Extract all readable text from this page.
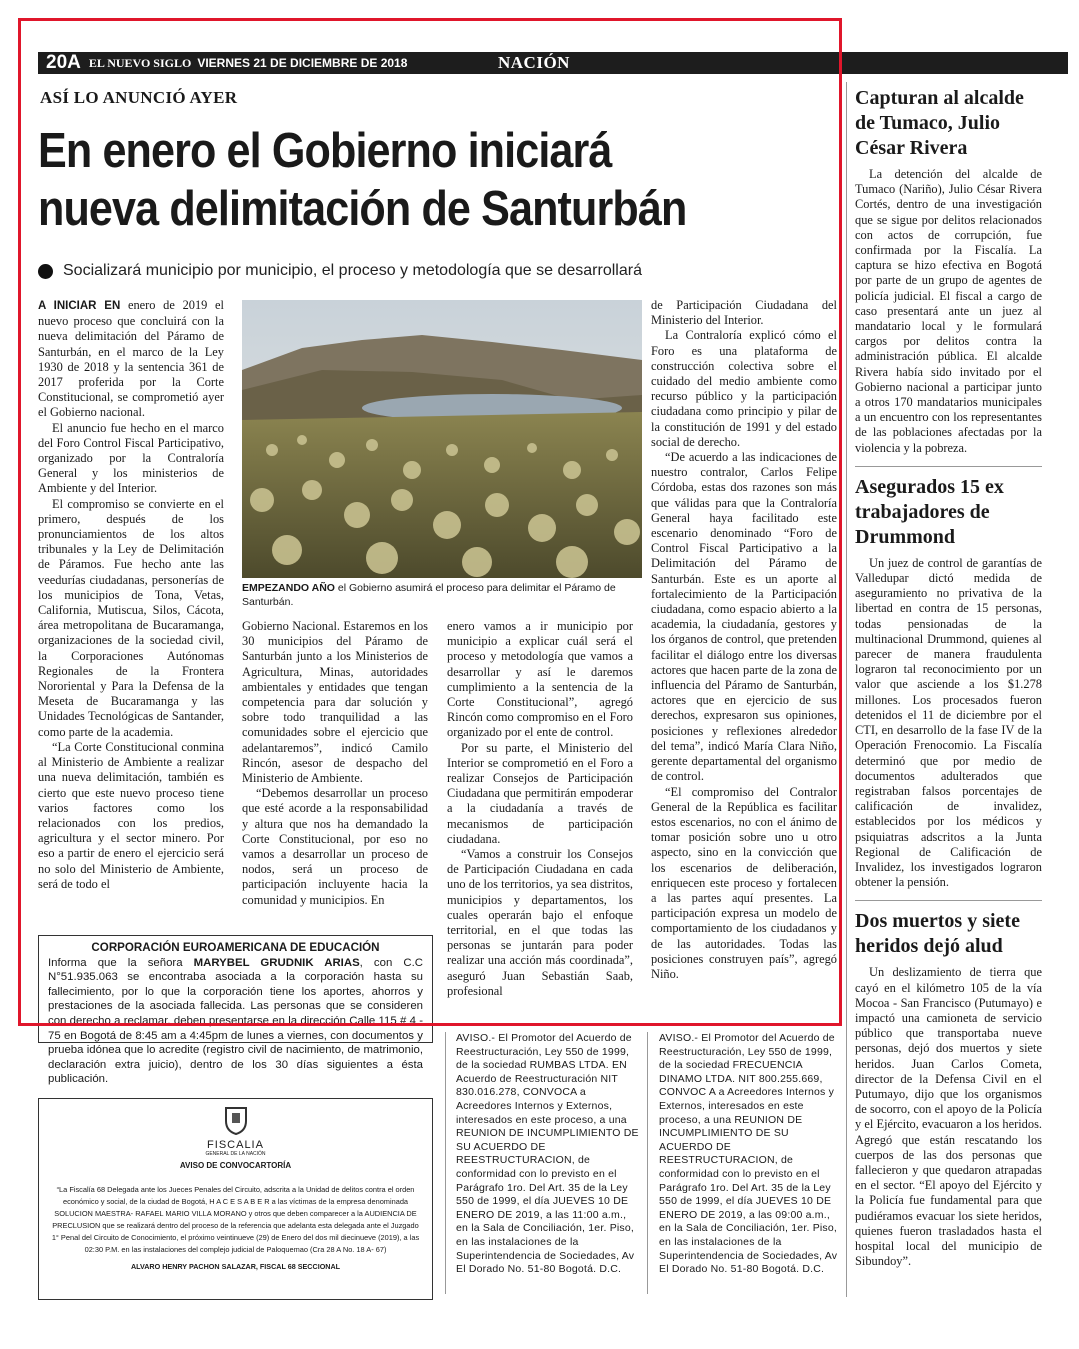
20A EL NUEVO SIGLO VIERNES 21 DE DICIEMBRE DE 2018	NACIÓN
ASÍ LO ANUNCIÓ AYER
En enero el Gobierno iniciará
nueva delimitación de Santurbán
Socializará municipio por municipio, el proceso y metodología que se desarrollará

A INICIAR EN enero de 2019 el nuevo proceso que concluirá con la nueva delimitación del Páramo de Santurbán, en el marco de la Ley 1930 de 2018 y la sentencia 361 de 2017 proferida por la Corte Constitucional, se comprometió ayer el Gobierno nacional.

El anuncio fue hecho en el marco del Foro Control Fiscal Participativo, organizado por la Contraloría General y los ministerios de Ambiente y del Interior.

El compromiso se convierte en el primero, después de los pronunciamientos de los altos tribunales y la Ley de Delimitación de Páramos. Fue hecho ante las veedurías ciudadanas, personerías de los municipios de Tona, Vetas, California, Mutiscua, Silos, Cácota, área metropolitana de Bucaramanga, organizaciones de la sociedad civil, la Corporaciones Autónomas Regionales de la Frontera Nororiental y Para la Defensa de la Meseta de Bucaramanga y las Unidades Tecnológicas de Santander, como parte de la academia.

“La Corte Constitucional conmina al Ministerio de Ambiente a realizar una nueva delimitación, también es cierto que este nuevo proceso tiene varios factores como los relacionados con los predios, agricultura y el sector minero. Por eso a partir de enero el ejercicio será no solo del Ministerio de Ambiente, será de todo el

EMPEZANDO AÑO el Gobierno asumirá el proceso para delimitar el Páramo de Santurbán.

Gobierno Nacional. Estaremos en los 30 municipios del Páramo de Santurbán junto a los Ministerios de Agricultura, Minas, autoridades ambientales y entidades que tengan competencia para dar solución y sobre todo tranquilidad a las comunidades sobre el ejercicio que adelantaremos”, indicó Camilo Rincón, asesor de despacho del Ministerio de Ambiente.

“Debemos desarrollar un proceso que esté acorde a la responsabilidad y altura que nos ha demandado la Corte Constitucional, por eso no vamos a desarrollar un proceso de nodos, será un proceso de participación incluyente hacia la comunidad y municipios. En

enero vamos a ir municipio por municipio a explicar cuál será el proceso y metodología que vamos a desarrollar y así le daremos cumplimiento a la sentencia de la Corte Constitucional”, agregó Rincón como compromiso en el Foro organizado por el ente de control.

Por su parte, el Ministerio del Interior se comprometió en el Foro a realizar Consejos de Participación Ciudadana que permitirán empoderar a la ciudadanía a través de mecanismos de participación ciudadana.

“Vamos a construir los Consejos de Participación Ciudadana en cada uno de los territorios, ya sea distritos, municipios y departamentos, los cuales operarán bajo el enfoque territorial, en el que todas las personas se juntarán para poder realizar una acción más coordinada”, aseguró Juan Sebastián Saab, profesional

de Participación Ciudadana del Ministerio del Interior.

La Contraloría explicó cómo el Foro es una plataforma de construcción colectiva sobre el cuidado del medio ambiente como recurso público y la participación ciudadana como principio y pilar de la constitución de 1991 y del estado social de derecho.

“De acuerdo a las indicaciones de nuestro contralor, Carlos Felipe Córdoba, estas dos razones son más que válidas para que la Contraloría General haya facilitado este escenario denominado “Foro de Control Fiscal Participativo a la Delimitación del Páramo de Santurbán. Este es un aporte al fortalecimiento de la Participación ciudadana, como espacio abierto a la academia, la ciudadanía, gestores y los órganos de control, que pretenden facilitar el diálogo entre los diversas actores que hacen parte de la zona de influencia del Páramo de Santurbán, actores que en ejercicio de sus derechos, expresaron sus opiniones, posiciones y reflexiones alrededor del tema”, indicó María Clara Niño, gerente departamental del organismo de control.

“El compromiso del Contralor General de la República es facilitar estos escenarios, no con el ánimo de tomar posición sobre uno u otro aspecto, sino en la convicción que los escenarios de deliberación, enriquecen este proceso y fortalecen a las partes aquí presentes. La participación expresa un modelo de comportamiento de los ciudadanos y de las autoridades. Todas las posiciones construyen país”, agregó Niño.

Capturan al alcalde de Tumaco, Julio César Rivera

La detención del alcalde de Tumaco (Nariño), Julio César Rivera Cortés, dentro de una investigación que se sigue por delitos relacionados con actos de corrupción, fue confirmada por la Fiscalía. La captura se hizo efectiva en Bogotá por parte de un grupo de agentes de policía judicial. El fiscal a cargo de caso presentará ante un juez al mandatario local y le formulará cargos por delitos contra la administración pública. El alcalde Rivera había sido invitado por el Gobierno nacional a participar junto a otros 170 mandatarios municipales a un encuentro con los representantes de las poblaciones afectadas por la violencia y la pobreza.

Asegurados 15 ex trabajadores de Drummond

Un juez de control de garantías de Valledupar dictó medida de aseguramiento no privativa de la libertad en contra de 15 personas, todas pensionadas de la multinacional Drummond, quienes al parecer de manera fraudulenta lograron tal reconocimiento por un valor que asciende a los $1.278 millones. Los procesados fueron detenidos el 11 de diciembre por el CTI, en desarrollo de la fase IV de la Operación Frenocomio. La Fiscalía determinó que por medio de documentos adulterados que registraban falsos porcentajes de calificación de invalidez, establecidos por los médicos y psiquiatras adscritos a la Junta Regional de Calificación de Invalidez, los investigados lograron obtener la pensión.

Dos muertos y siete heridos dejó alud

Un deslizamiento de tierra que cayó en el kilómetro 105 de la vía Mocoa - San Francisco (Putumayo) e impactó una camioneta de servicio público que transportaba nueve personas, dejó dos muertos y siete heridos. Juan Carlos Cometa, director de la Defensa Civil en el Putumayo, dijo que los organismos de socorro, con el apoyo de la Policía y el Ejército, evacuaron a los heridos. Agregó que están rescatando los cuerpos de las dos personas que fallecieron y que quedaron atrapadas en el sector. “El apoyo del Ejército y la Policía fue fundamental para que pudiéramos evacuar los siete heridos, quienes fueron trasladados hasta el hospital local del municipio de Sibundoy”.

CORPORACIÓN EUROAMERICANA DE EDUCACIÓN
Informa que la señora MARYBEL GRUDNIK ARIAS, con C.C N°51.935.063 se encontraba asociada a la corporación hasta su fallecimiento, por lo que la corporación tiene los aportes, ahorros y prestaciones de la asociada fallecida. Las personas que se consideren con derecho a reclamar, deben presentarse en la dirección Calle 115 # 4 - 75 en Bogotá de 8:45 am a 4:45pm de lunes a viernes, con documentos y prueba idónea que lo acredite (registro civil de nacimiento, de matrimonio, declaración extra juicio), dentro de los 30 días siguientes a ésta publicación.
FISCALIA
GENERAL DE LA NACIÓN
AVISO DE CONVOCARTORÍA
“La Fiscalía 68 Delegada ante los Jueces Penales del Circuito, adscrita a la Unidad de delitos contra el orden económico y social, de la ciudad de Bogotá, H A C E S A B E R a las víctimas de la empresa denominada SOLUCION MAESTRA- RAFAEL MARIO VILLA MORANO y otros que deben comparecer a la AUDIENCIA DE PRECLUSION que se realizará dentro del proceso de la referencia que adelanta esta delegada ante el Juzgado 1° Penal del Circuito de Conocimiento, el próximo veintinueve (29) de Enero del dos mil diecinueve (2019), a las 02:30 P.M. en las instalaciones del complejo judicial de Paloquemao (Cra 28 A No. 18 A- 67)
ALVARO HENRY PACHON SALAZAR, FISCAL 68 SECCIONAL
AVISO.- El Promotor del Acuerdo de Reestructuración, Ley 550 de 1999, de la sociedad RUMBAS LTDA. EN Acuerdo de Reestructuración NIT 830.016.278, CONVOCA a Acreedores Internos y Externos, interesados en este proceso, a una REUNION DE INCUMPLIMIENTO DE SU ACUERDO DE REESTRUCTURACION, de conformidad con lo previsto en el Parágrafo 1ro. Del Art. 35 de la Ley 550 de 1999, el día JUEVES 10 DE ENERO DE 2019, a las 11:00 a.m., en la Sala de Conciliación, 1er. Piso, en las instalaciones de la Superintendencia de Sociedades, Av El Dorado No. 51-80 Bogotá. D.C.
AVISO.- El Promotor del Acuerdo de Reestructuración, Ley 550 de 1999, de la sociedad FRECUENCIA DINAMO LTDA. NIT 800.255.669, CONVOC A a Acreedores Internos y Externos, interesados en este proceso, a una REUNION DE INCUMPLIMIENTO DE SU ACUERDO DE REESTRUCTURACION, de conformidad con lo previsto en el Parágrafo 1ro. Del Art. 35 de la Ley 550 de 1999, el día JUEVES 10 DE ENERO DE 2019, a las 09:00 a.m., en la Sala de Conciliación, 1er. Piso, en las instalaciones de la Superintendencia de Sociedades, Av El Dorado No. 51-80 Bogotá. D.C.
